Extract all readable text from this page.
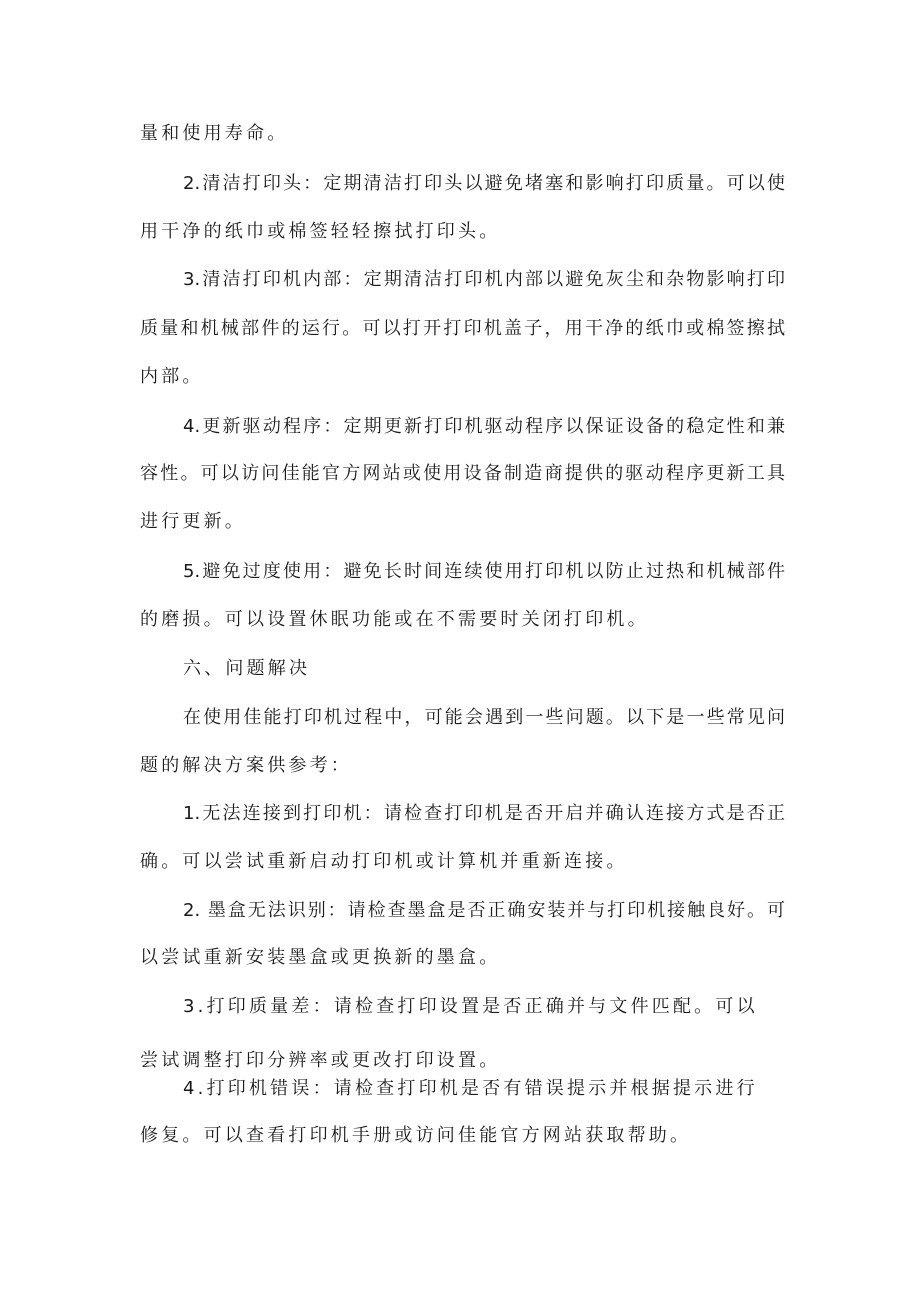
量和使用寿命。
2.清洁打印头：定期清洁打印头以避免堵塞和影响打印质量。可以使
用干净的纸巾或棉签轻轻擦拭打印头。
3.清洁打印机内部：定期清洁打印机内部以避免灰尘和杂物影响打印
质量和机械部件的运行。可以打开打印机盖子，用干净的纸巾或棉签擦拭
内部。
4.更新驱动程序：定期更新打印机驱动程序以保证设备的稳定性和兼
容性。可以访问佳能官方网站或使用设备制造商提供的驱动程序更新工具
进行更新。
5.避免过度使用：避免长时间连续使用打印机以防止过热和机械部件
的磨损。可以设置休眠功能或在不需要时关闭打印机。
六、问题解决
在使用佳能打印机过程中，可能会遇到一些问题。以下是一些常见问
题的解决方案供参考：
1.无法连接到打印机：请检查打印机是否开启并确认连接方式是否正
确。可以尝试重新启动打印机或计算机并重新连接。
2. 墨盒无法识别：请检查墨盒是否正确安装并与打印机接触良好。可
以尝试重新安装墨盒或更换新的墨盒。
3.打印质量差：请检查打印设置是否正确并与文件匹配。可以
尝试调整打印分辨率或更改打印设置。
4.打印机错误：请检查打印机是否有错误提示并根据提示进行
修复。可以查看打印机手册或访问佳能官方网站获取帮助。
